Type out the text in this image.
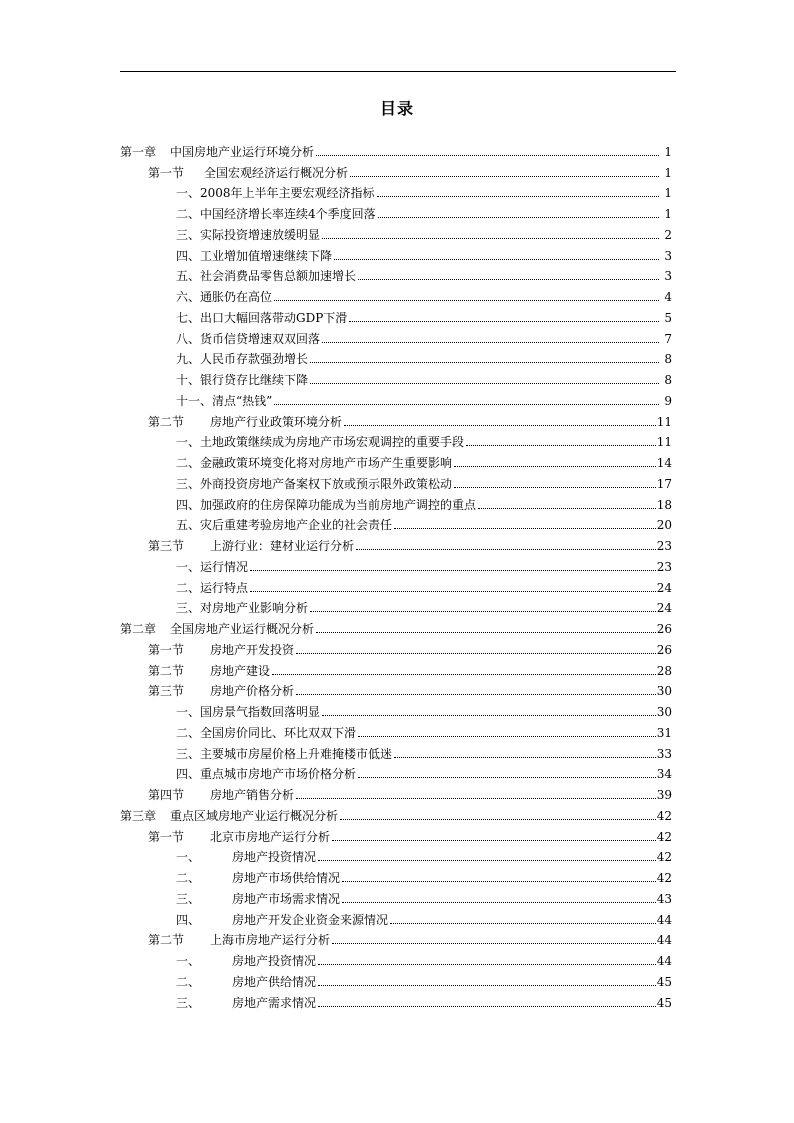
目录
第一章 中国房地产业运行环境分析	1
第一节 全国宏观经济运行概况分析	1
一、2008年上半年主要宏观经济指标	1
二、中国经济增长率连续4个季度回落	1
三、实际投资增速放缓明显	2
四、工业增加值增速继续下降	3
五、社会消费品零售总额加速增长	3
六、通胀仍在高位	4
七、出口大幅回落带动GDP下滑	5
八、货币信贷增速双双回落	7
九、人民币存款强劲增长	8
十、银行贷存比继续下降	8
十一、清点“热钱”	9
第二节 房地产行业政策环境分析	11
一、土地政策继续成为房地产市场宏观调控的重要手段	11
二、金融政策环境变化将对房地产市场产生重要影响	14
三、外商投资房地产备案权下放或预示限外政策松动	17
四、加强政府的住房保障功能成为当前房地产调控的重点	18
五、灾后重建考验房地产企业的社会责任	20
第三节 上游行业：建材业运行分析	23
一、运行情况	23
二、运行特点	24
三、对房地产业影响分析	24
第二章 全国房地产业运行概况分析	26
第一节 房地产开发投资	26
第二节 房地产建设	28
第三节 房地产价格分析	30
一、国房景气指数回落明显	30
二、全国房价同比、环比双双下滑	31
三、主要城市房屋价格上升难掩楼市低迷	33
四、重点城市房地产市场价格分析	34
第四节 房地产销售分析	39
第三章 重点区域房地产业运行概况分析	42
第一节 北京市房地产运行分析	42
一、	房地产投资情况	42
二、	房地产市场供给情况	42
三、	房地产市场需求情况	43
四、	房地产开发企业资金来源情况	44
第二节 上海市房地产运行分析	44
一、	房地产投资情况	44
二、	房地产供给情况	45
三、	房地产需求情况	45
